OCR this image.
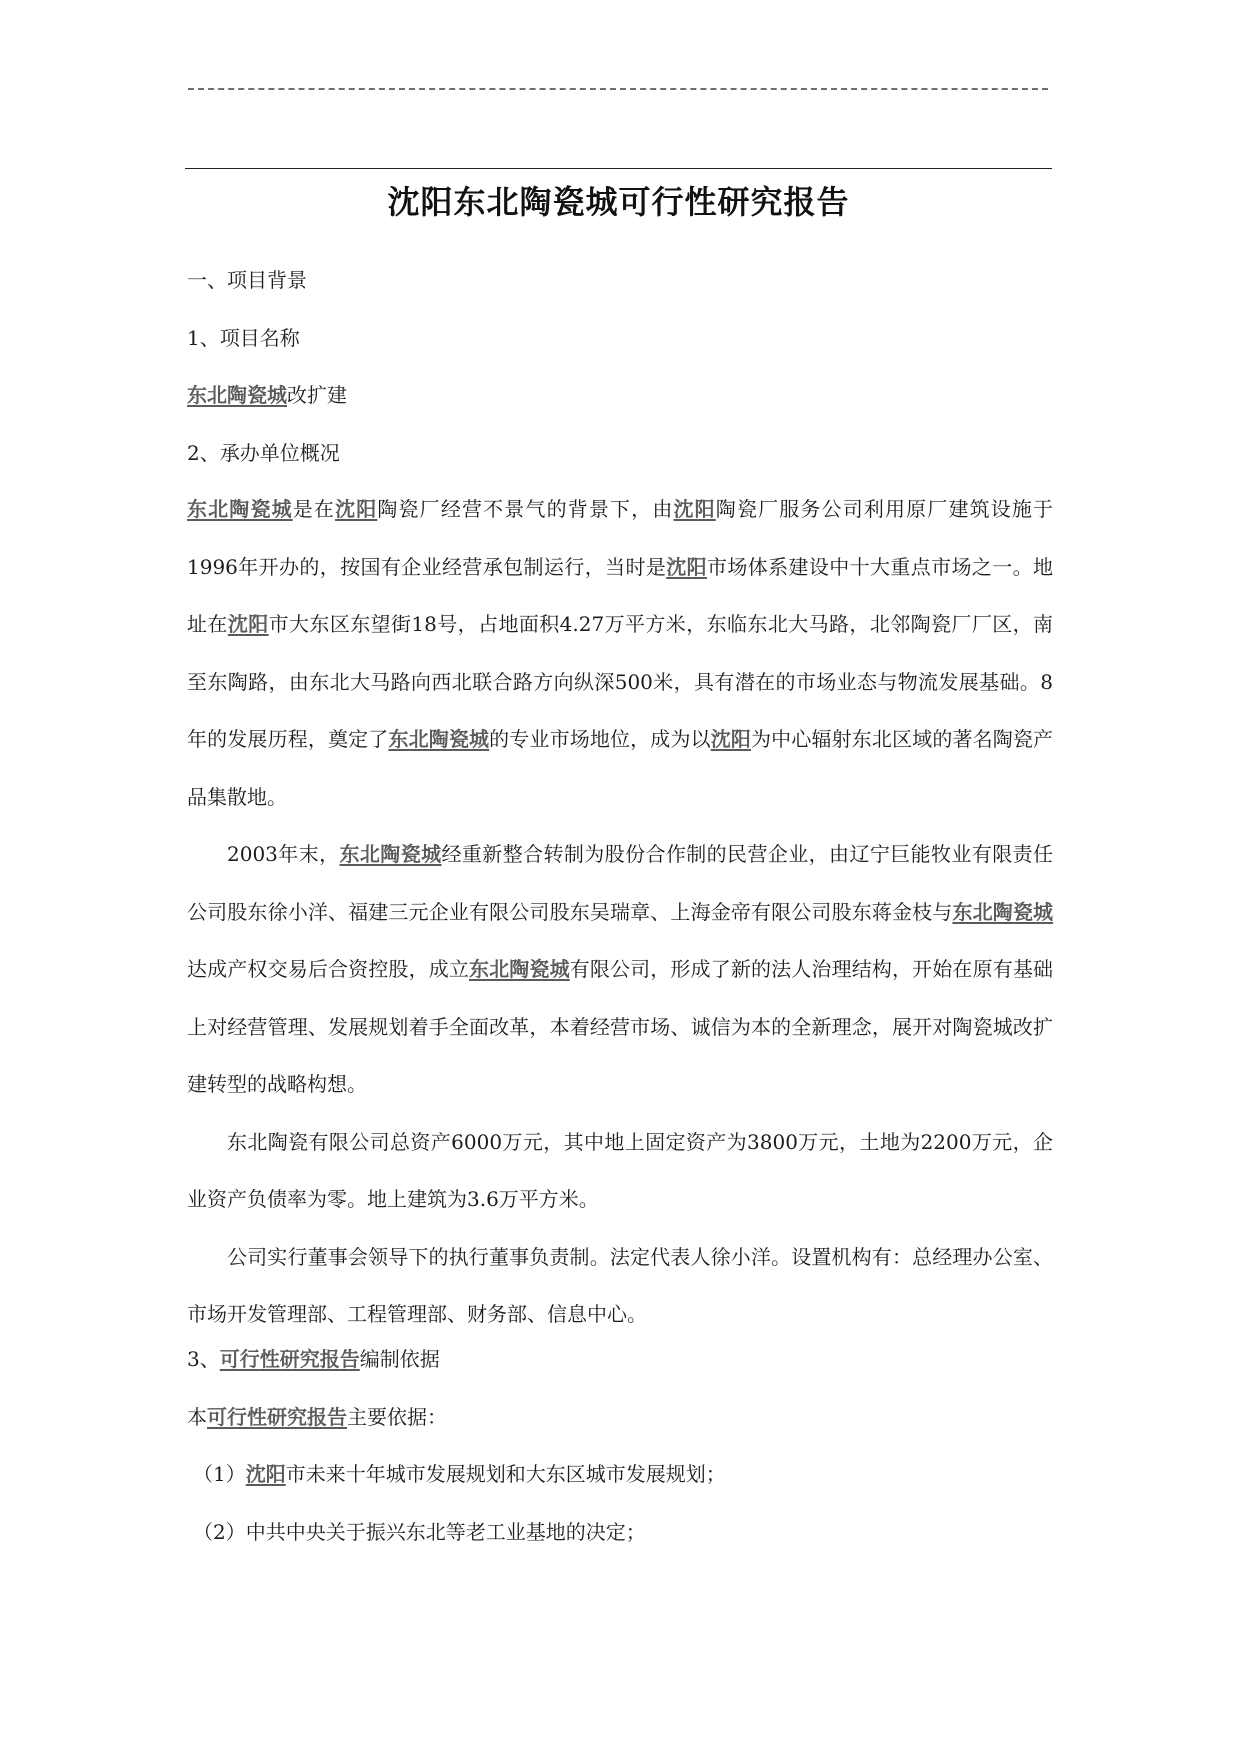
沈阳东北陶瓷城可行性研究报告
一、项目背景
1、项目名称
东北陶瓷城改扩建
2、承办单位概况
东北陶瓷城是在沈阳陶瓷厂经营不景气的背景下，由沈阳陶瓷厂服务公司利用原厂建筑设施于1996年开办的，按国有企业经营承包制运行，当时是沈阳市场体系建设中十大重点市场之一。地址在沈阳市大东区东望街18号，占地面积4.27万平方米，东临东北大马路，北邻陶瓷厂厂区，南至东陶路，由东北大马路向西北联合路方向纵深500米，具有潜在的市场业态与物流发展基础。8年的发展历程，奠定了东北陶瓷城的专业市场地位，成为以沈阳为中心辐射东北区域的著名陶瓷产品集散地。
2003年末，东北陶瓷城经重新整合转制为股份合作制的民营企业，由辽宁巨能牧业有限责任公司股东徐小洋、福建三元企业有限公司股东吴瑞章、上海金帝有限公司股东蒋金枝与东北陶瓷城达成产权交易后合资控股，成立东北陶瓷城有限公司，形成了新的法人治理结构，开始在原有基础上对经营管理、发展规划着手全面改革，本着经营市场、诚信为本的全新理念，展开对陶瓷城改扩建转型的战略构想。
东北陶瓷有限公司总资产6000万元，其中地上固定资产为3800万元，土地为2200万元，企业资产负债率为零。地上建筑为3.6万平方米。
公司实行董事会领导下的执行董事负责制。法定代表人徐小洋。设置机构有：总经理办公室、市场开发管理部、工程管理部、财务部、信息中心。
3、可行性研究报告编制依据
本可行性研究报告主要依据：
（1）沈阳市未来十年城市发展规划和大东区城市发展规划；
（2）中共中央关于振兴东北等老工业基地的决定；
